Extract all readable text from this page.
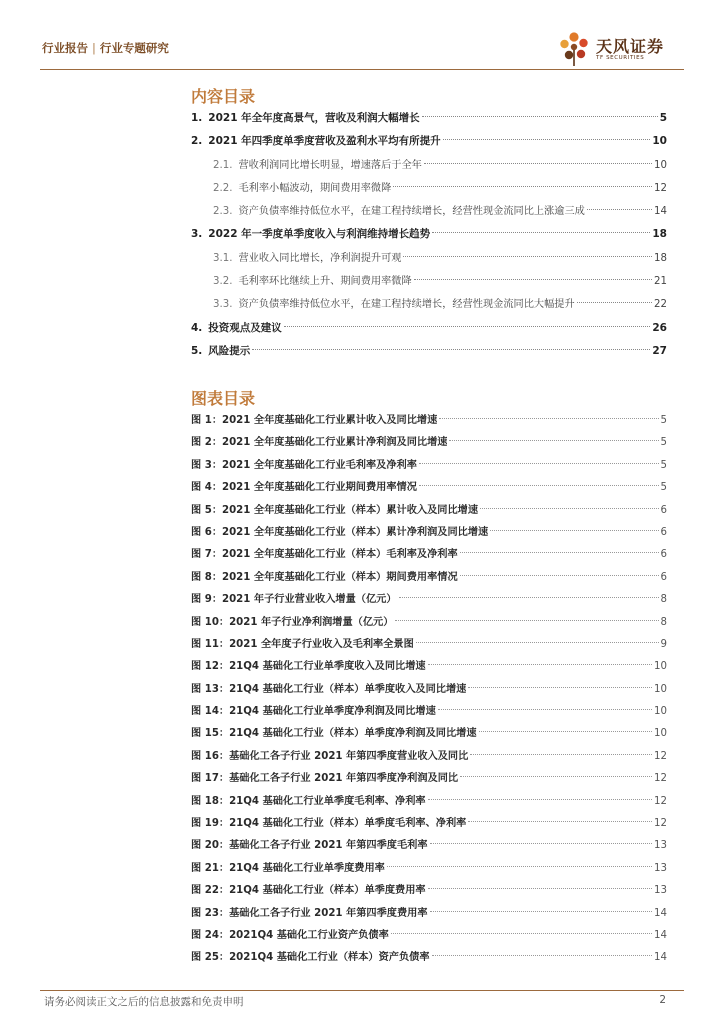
行业报告 | 行业专题研究	天风证券
TF SECURITIES
内容目录
1. 2021 年全年度高景气，营收及利润大幅增长	5
2. 2021 年四季度单季度营收及盈利水平均有所提升	10
2.1. 营收利润同比增长明显，增速落后于全年	10
2.2. 毛利率小幅波动，期间费用率微降	12
2.3. 资产负债率维持低位水平，在建工程持续增长，经营性现金流同比上涨逾三成	14
3. 2022 年一季度单季度收入与利润维持增长趋势	18
3.1. 营业收入同比增长，净利润提升可观	18
3.2. 毛利率环比继续上升、期间费用率微降	21
3.3. 资产负债率维持低位水平，在建工程持续增长，经营性现金流同比大幅提升	22
4. 投资观点及建议	26
5. 风险提示	27
图表目录
图 1：2021 全年度基础化工行业累计收入及同比增速	5
图 2：2021 全年度基础化工行业累计净利润及同比增速	5
图 3：2021 全年度基础化工行业毛利率及净利率	5
图 4：2021 全年度基础化工行业期间费用率情况	5
图 5：2021 全年度基础化工行业（样本）累计收入及同比增速	6
图 6：2021 全年度基础化工行业（样本）累计净利润及同比增速	6
图 7：2021 全年度基础化工行业（样本）毛利率及净利率	6
图 8：2021 全年度基础化工行业（样本）期间费用率情况	6
图 9：2021 年子行业营业收入增量（亿元）	8
图 10：2021 年子行业净利润增量（亿元）	8
图 11：2021 全年度子行业收入及毛利率全景图	9
图 12：21Q4 基础化工行业单季度收入及同比增速	10
图 13：21Q4 基础化工行业（样本）单季度收入及同比增速	10
图 14：21Q4 基础化工行业单季度净利润及同比增速	10
图 15：21Q4 基础化工行业（样本）单季度净利润及同比增速	10
图 16：基础化工各子行业 2021 年第四季度营业收入及同比	12
图 17：基础化工各子行业 2021 年第四季度净利润及同比	12
图 18：21Q4 基础化工行业单季度毛利率、净利率	12
图 19：21Q4 基础化工行业（样本）单季度毛利率、净利率	12
图 20：基础化工各子行业 2021 年第四季度毛利率	13
图 21：21Q4 基础化工行业单季度费用率	13
图 22：21Q4 基础化工行业（样本）单季度费用率	13
图 23：基础化工各子行业 2021 年第四季度费用率	14
图 24：2021Q4 基础化工行业资产负债率	14
图 25：2021Q4 基础化工行业（样本）资产负债率	14
请务必阅读正文之后的信息披露和免责申明	2
